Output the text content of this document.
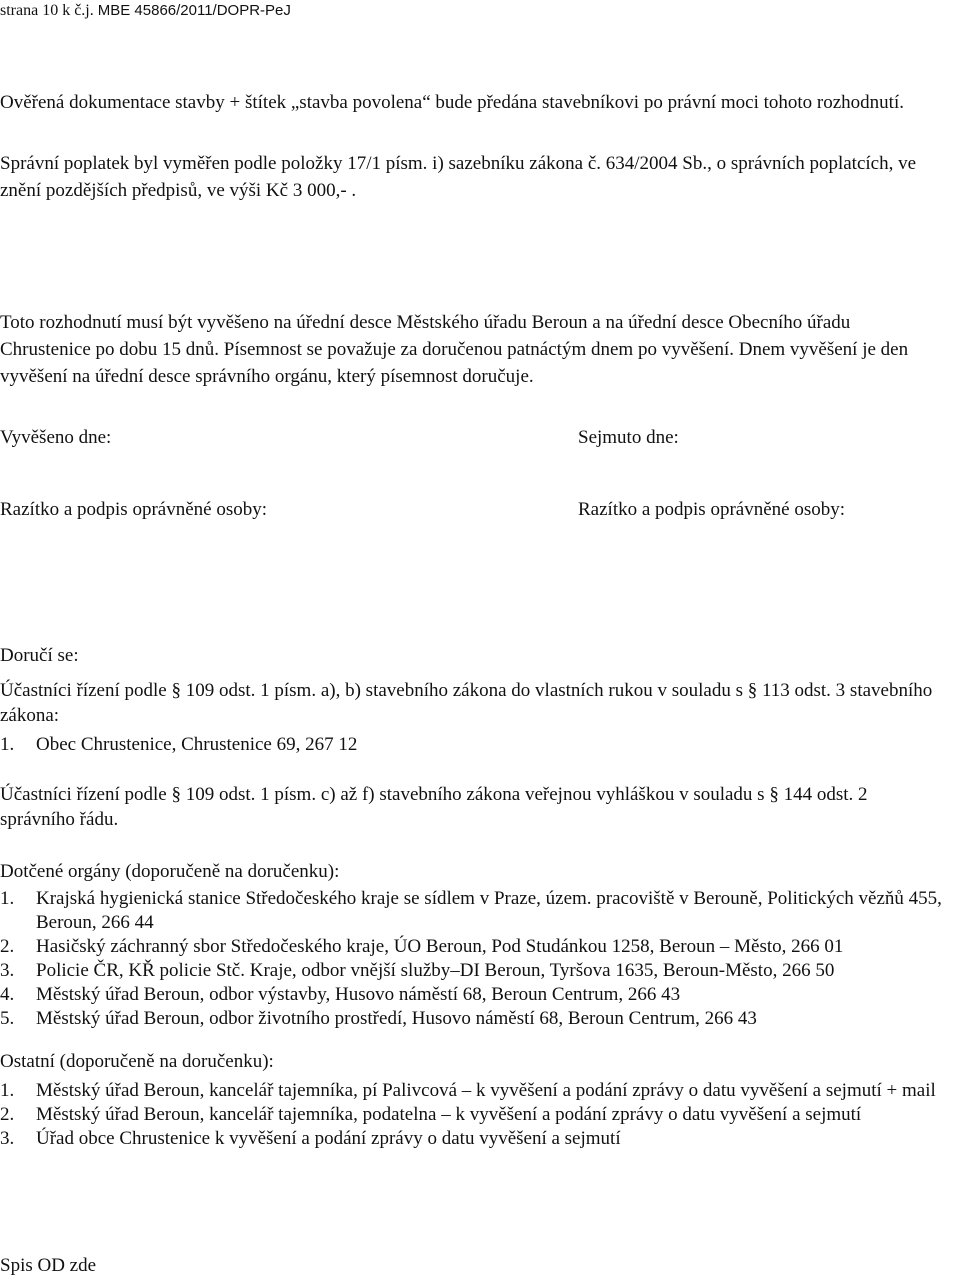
strana 10 k č.j. MBE 45866/2011/DOPR-PeJ
Ověřená dokumentace stavby + štítek „stavba povolena“ bude předána stavebníkovi po právní moci tohoto rozhodnutí.
Správní poplatek byl vyměřen podle položky 17/1 písm. i) sazebníku zákona č. 634/2004 Sb., o správních poplatcích, ve znění pozdějších předpisů, ve výši Kč 3 000,- .
Toto rozhodnutí musí být vyvěšeno na úřední desce Městského úřadu Beroun a na úřední desce Obecního úřadu Chrustenice po dobu 15 dnů. Písemnost se považuje za doručenou patnáctým dnem po vyvěšení. Dnem vyvěšení je den vyvěšení na úřední desce správního orgánu, který písemnost doručuje.
Vyvěšeno dne:	Sejmuto dne:
Razítko a podpis oprávněné osoby:	Razítko a podpis oprávněné osoby:
Doručí se:
Účastníci řízení podle § 109 odst. 1 písm. a), b) stavebního zákona do vlastních rukou v souladu s § 113 odst. 3 stavebního zákona:
1. Obec Chrustenice, Chrustenice 69, 267 12
Účastníci řízení podle § 109 odst. 1 písm. c) až f) stavebního zákona veřejnou vyhláškou v souladu s § 144 odst. 2 správního řádu.
Dotčené orgány (doporučeně na doručenku):
1. Krajská hygienická stanice Středočeského kraje se sídlem v Praze, územ. pracoviště v Berouně, Politických vězňů 455, Beroun, 266 44
2. Hasičský záchranný sbor Středočeského kraje, ÚO Beroun, Pod Studánkou 1258, Beroun – Město, 266 01
3. Policie ČR, KŘ policie Stč. Kraje, odbor vnější služby–DI Beroun, Tyršova 1635, Beroun-Město, 266 50
4. Městský úřad Beroun, odbor výstavby, Husovo náměstí 68, Beroun Centrum, 266 43
5. Městský úřad Beroun, odbor životního prostředí, Husovo náměstí 68, Beroun Centrum, 266 43
Ostatní (doporučeně na doručenku):
1. Městský úřad Beroun, kancelář tajemníka, pí Palivcová – k vyvěšení a podání zprávy o datu vyvěšení a sejmutí + mail
2. Městský úřad Beroun, kancelář tajemníka, podatelna – k vyvěšení a podání zprávy o datu vyvěšení a sejmutí
3. Úřad obce Chrustenice k vyvěšení a podání zprávy o datu vyvěšení a sejmutí
Spis OD zde
